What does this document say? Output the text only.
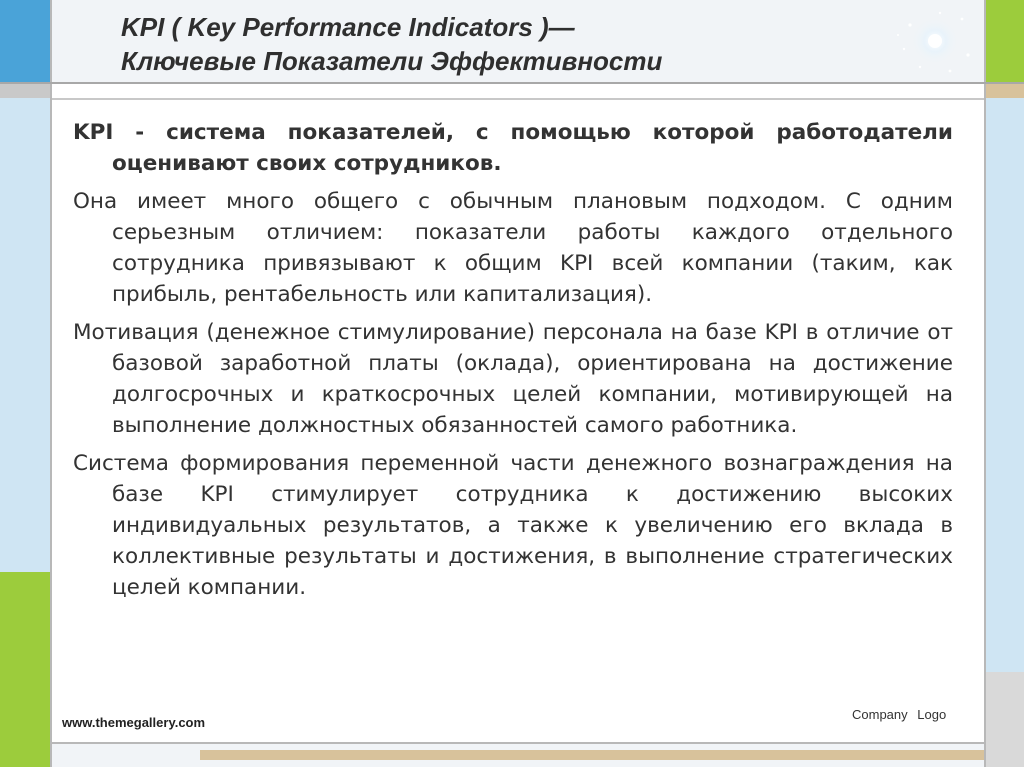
KPI ( Key Performance Indicators )—
Ключевые Показатели Эффективности

KPI - система показателей, с помощью которой работодатели оценивают своих сотрудников.

Она имеет много общего с обычным плановым подходом. С одним серьезным отличием: показатели работы каждого отдельного сотрудника привязывают к общим KPI всей компании (таким, как прибыль, рентабельность или капитализация).

Мотивация (денежное стимулирование) персонала на базе KPI в отличие от базовой заработной платы (оклада), ориентирована на достижение долгосрочных и краткосрочных целей компании, мотивирующей на выполнение должностных обязанностей самого работника.

Система формирования переменной части денежного вознаграждения на базе KPI стимулирует сотрудника к достижению высоких индивидуальных результатов, а также к увеличению его вклада в коллективные результаты и достижения, в выполнение стратегических целей компании.

www.themegallery.com
Company Logo
